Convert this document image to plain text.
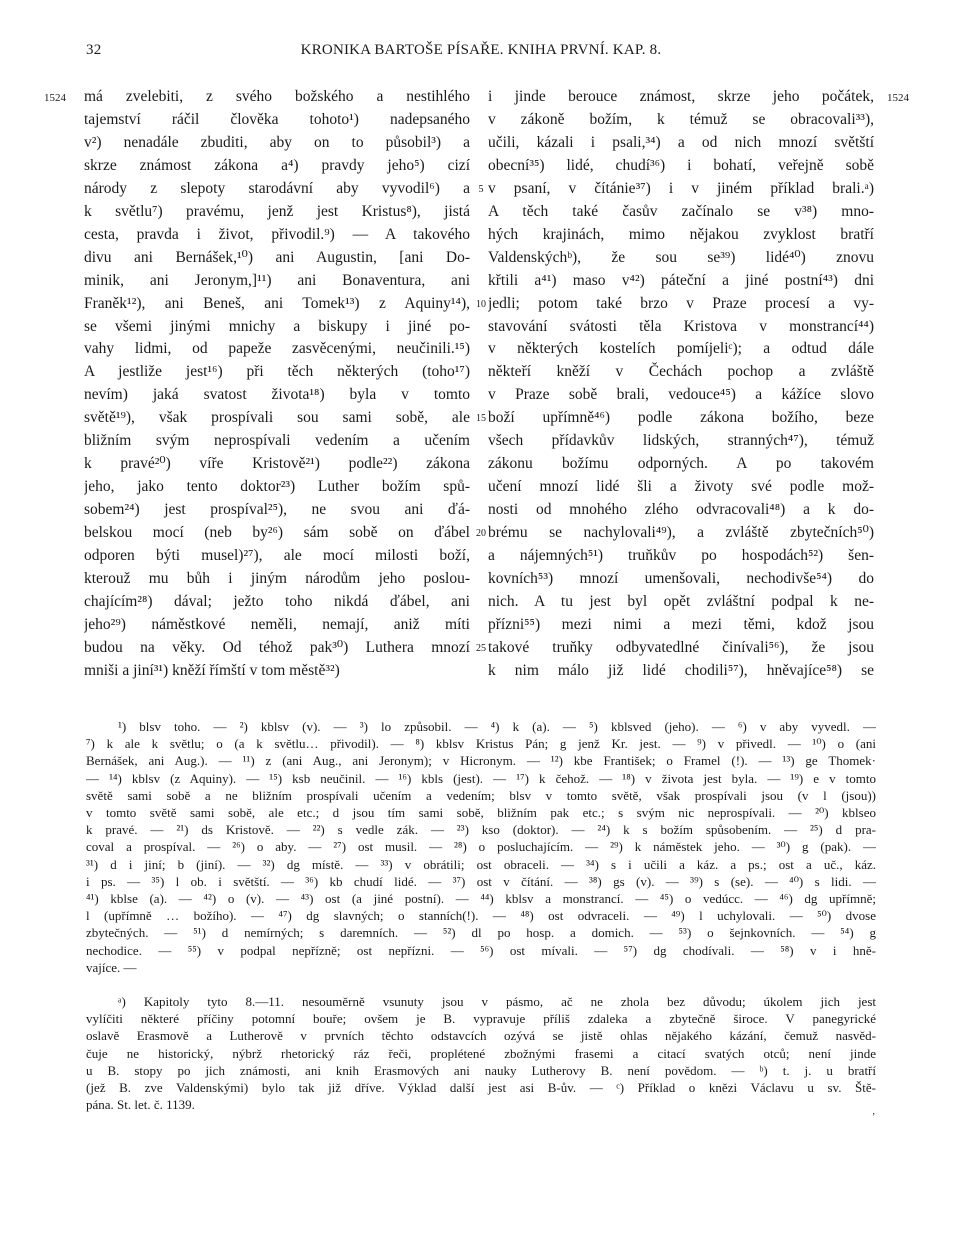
32	KRONIKA BARTOŠE PÍSAŘE. KNIHA PRVNÍ. KAP. 8.
1524	1524
má zvelebiti, z svého božského a nestihlého
tajemství ráčil člověka tohoto¹) nadepsaného
v²) nenadále zbuditi, aby on to působil³) a
skrze známost zákona a⁴) pravdy jeho⁵) cizí
národy z slepoty starodávní aby vyvodil⁶) a
k světlu⁷) pravému, jenž jest Kristus⁸), jistá
cesta, pravda i život, přivodil.⁹) — A takového
divu ani Bernášek,¹⁰) ani Augustin, [ani Do-
minik, ani Jeronym,]¹¹) ani Bonaventura, ani
Franěk¹²), ani Beneš, ani Tomek¹³) z Aquiny¹⁴),
se všemi jinými mnichy a biskupy i jiné po-
vahy lidmi, od papeže zasvěcenými, neučinili.¹⁵)
A jestliže jest¹⁶) při těch některých (toho¹⁷)
nevím) jaká svatost života¹⁸) byla v tomto
světě¹⁹), však prospívali sou sami sobě, ale
bližním svým neprospívali vedením a učením
k pravé²⁰) víře Kristově²¹) podle²²) zákona
jeho, jako tento doktor²³) Luther božím spů-
sobem²⁴) jest prospíval²⁵), ne svou ani ďá-
belskou mocí (neb by²⁶) sám sobě on ďábel
odporen býti musel)²⁷), ale mocí milosti boží,
kterouž mu bůh i jiným národům jeho poslou-
chajícím²⁸) dával; ježto toho nikdá ďábel, ani
jeho²⁹) náměstkové neměli, nemají, aniž míti
budou na věky. Od téhož pak³⁰) Luthera mnozí
mniši a jiní³¹) kněží římští v tom městě³²)
i jinde berouce známost, skrze jeho počátek,
v zákoně božím, k témuž se obracovali³³),
učili, kázali i psali,³⁴) a od nich mnozí světští
obecní³⁵) lidé, chudí³⁶) i bohatí, veřejně sobě
v psaní, v čítánie³⁷) i v jiném příklad brali.ᵃ)
A těch také časův začínalo se v³⁸) mno-
hých krajinách, mimo nějakou zvyklost bratří
Valdenskýchᵇ), že sou se³⁹) lidé⁴⁰) znovu
křtili a⁴¹) maso v⁴²) páteční a jiné postní⁴³) dni
jedli; potom také brzo v Praze procesí a vy-
stavování svátosti těla Kristova v monstrancí⁴⁴)
v některých kostelích pomíjeliᶜ); a odtud dále
někteří kněží v Čechách pochop a zvláště
v Praze sobě brali, vedouce⁴⁵) a kážíce slovo
boží upřímně⁴⁶) podle zákona božího, beze
všech přídavkův lidských, stranných⁴⁷), témuž
zákonu božímu odporných. A po takovém
učení mnozí lidé šli a životy své podle mož-
nosti od mnohého zlého odvracovali⁴⁸) a k do-
brému se nachylovali⁴⁹), a zvláště zbytečních⁵⁰)
a nájemných⁵¹) truňkův po hospodách⁵²) šen-
kovních⁵³) mnozí umenšovali, nechodivše⁵⁴) do
nich. A tu jest byl opět zvláštní podpal k ne-
přízni⁵⁵) mezi nimi a mezi těmi, kdož jsou
takové truňky odbyvatedlné činívali⁵⁶), že jsou
k nim málo již lidé chodili⁵⁷), hněvajíce⁵⁸) se
5
10
15
20
25
¹) blsv toho. — ²) kblsv (v). — ³) lo způsobil. — ⁴) k (a). — ⁵) kblsved (jeho). — ⁶) v aby vyvedl. —
⁷) k ale k světlu; o (a k světlu… přivodil). — ⁸) kblsv Kristus Pán; g jenž Kr. jest. — ⁹) v přivedl. — ¹⁰) o (ani
Bernášek, ani Aug.). — ¹¹) z (ani Aug., ani Jeronym); v Hicronym. — ¹²) kbe František; o Framel (!). — ¹³) ge Thomek·
— ¹⁴) kblsv (z Aquiny). — ¹⁵) ksb neučinil. — ¹⁶) kbls (jest). — ¹⁷) k čehož. — ¹⁸) v života jest byla. — ¹⁹) e v tomto
světě sami sobě a ne bližním prospívali učením a vedením; blsv v tomto světě, však prospívali jsou (v l (jsou))
v tomto světě sami sobě, ale etc.; d jsou tím sami sobě, bližním pak etc.; s svým nic neprospívali. — ²⁰) kblseo
k pravé. — ²¹) ds Kristově. — ²²) s vedle zák. — ²³) kso (doktor). — ²⁴) k s božím spůsobením. — ²⁵) d pra-
coval a prospíval. — ²⁶) o aby. — ²⁷) ost musil. — ²⁸) o posluchajícím. — ²⁹) k náměstek jeho. — ³⁰) g (pak). —
³¹) d i jiní; b (jiní). — ³²) dg místě. — ³³) v obrátili; ost obraceli. — ³⁴) s i učili a káz. a ps.; ost a uč., káz.
i ps. — ³⁵) l ob. i světští. — ³⁶) kb chudí lidé. — ³⁷) ost v čítání. — ³⁸) gs (v). — ³⁹) s (se). — ⁴⁰) s lidi. —
⁴¹) kblse (a). — ⁴²) o (v). — ⁴³) ost (a jiné postní). — ⁴⁴) kblsv a monstrancí. — ⁴⁵) o vedúcc. — ⁴⁶) dg upřímně;
l (upřímně … božího). — ⁴⁷) dg slavných; o stanních(!). — ⁴⁸) ost odvraceli. — ⁴⁹) l uchylovali. — ⁵⁰) dvose
zbytečných. — ⁵¹) d nemírných; s daremních. — ⁵²) dl po hosp. a domich. — ⁵³) o šejnkovních. — ⁵⁴) g
nechodice. — ⁵⁵) v podpal nepřízně; ost nepřízni. — ⁵⁶) ost mívali. — ⁵⁷) dg chodívali. — ⁵⁸) v i hně-
vajíce. —
ᵃ) Kapitoly tyto 8.—11. nesouměrně vsunuty jsou v pásmo, ač ne zhola bez důvodu; úkolem jich jest
vylíčiti některé příčiny potomní bouře; ovšem je B. vypravuje příliš zdaleka a zbytečně široce. V panegyrické
oslavě Erasmově a Lutherově v prvních těchto odstavcích ozývá se jistě ohlas nějakého kázání, čemuž nasvěd-
čuje ne historický, nýbrž rhetorický ráz řeči, proplétené zbožnými frasemi a citací svatých otců; není jinde
u B. stopy po jich známosti, ani knih Erasmových ani nauky Lutherovy B. není povědom. — ᵇ) t. j. u bratří
(jež B. zve Valdenskými) bylo tak již dříve. Výklad další jest asi B-ův. — ᶜ) Příklad o knězi Václavu u sv. Ště-
pána. St. let. č. 1139.	‚
